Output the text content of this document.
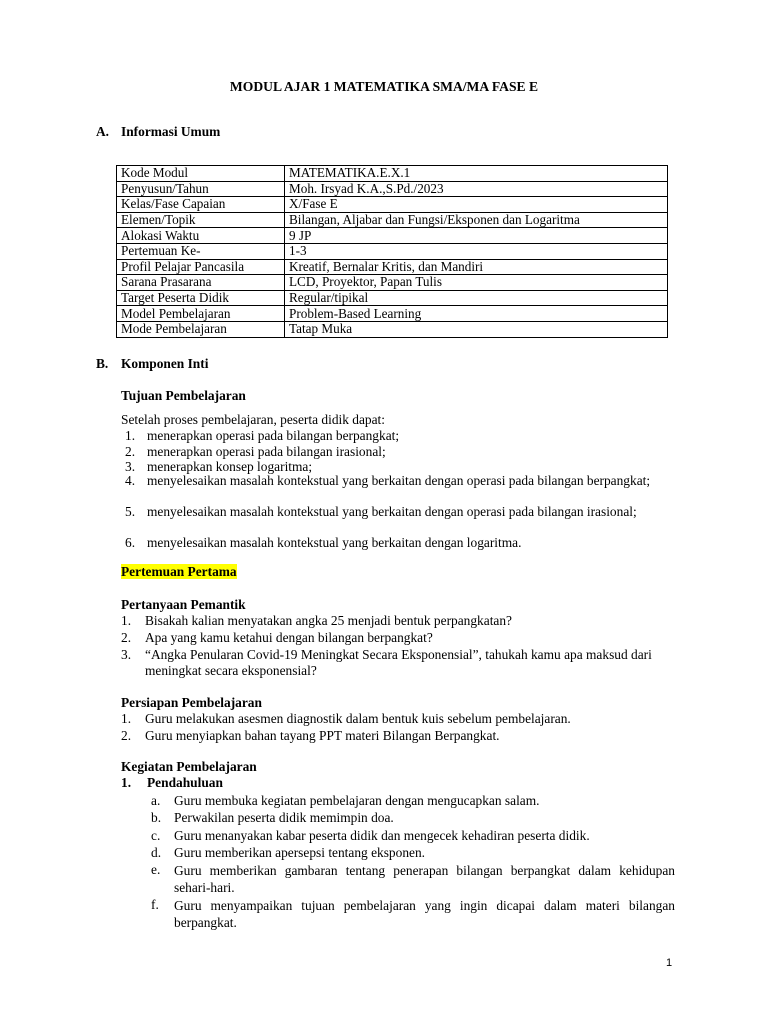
MODUL AJAR 1 MATEMATIKA SMA/MA FASE E
A. Informasi Umum
Kode Modul	MATEMATIKA.E.X.1
Penyusun/Tahun	Moh. Irsyad K.A.,S.Pd./2023
Kelas/Fase Capaian	X/Fase E
Elemen/Topik	Bilangan, Aljabar dan Fungsi/Eksponen dan Logaritma
Alokasi Waktu	9 JP
Pertemuan Ke-	1-3
Profil Pelajar Pancasila	Kreatif, Bernalar Kritis, dan Mandiri
Sarana Prasarana	LCD, Proyektor, Papan Tulis
Target Peserta Didik	Regular/tipikal
Model Pembelajaran	Problem-Based Learning
Mode Pembelajaran	Tatap Muka
B. Komponen Inti
Tujuan Pembelajaran
Setelah proses pembelajaran, peserta didik dapat:
1. menerapkan operasi pada bilangan berpangkat;
2. menerapkan operasi pada bilangan irasional;
3. menerapkan konsep logaritma;
4. menyelesaikan masalah kontekstual yang berkaitan dengan operasi pada bilangan berpangkat;
5. menyelesaikan masalah kontekstual yang berkaitan dengan operasi pada bilangan irasional;
6. menyelesaikan masalah kontekstual yang berkaitan dengan logaritma.
Pertemuan Pertama
Pertanyaan Pemantik
1. Bisakah kalian menyatakan angka 25 menjadi bentuk perpangkatan?
2. Apa yang kamu ketahui dengan bilangan berpangkat?
3. “Angka Penularan Covid-19 Meningkat Secara Eksponensial”, tahukah kamu apa maksud dari meningkat secara eksponensial?
Persiapan Pembelajaran
1. Guru melakukan asesmen diagnostik dalam bentuk kuis sebelum pembelajaran.
2. Guru menyiapkan bahan tayang PPT materi Bilangan Berpangkat.
Kegiatan Pembelajaran
1. Pendahuluan
a. Guru membuka kegiatan pembelajaran dengan mengucapkan salam.
b. Perwakilan peserta didik memimpin doa.
c. Guru menanyakan kabar peserta didik dan mengecek kehadiran peserta didik.
d. Guru memberikan apersepsi tentang eksponen.
e. Guru memberikan gambaran tentang penerapan bilangan berpangkat dalam kehidupan sehari-hari.
f. Guru menyampaikan tujuan pembelajaran yang ingin dicapai dalam materi bilangan berpangkat.
1
